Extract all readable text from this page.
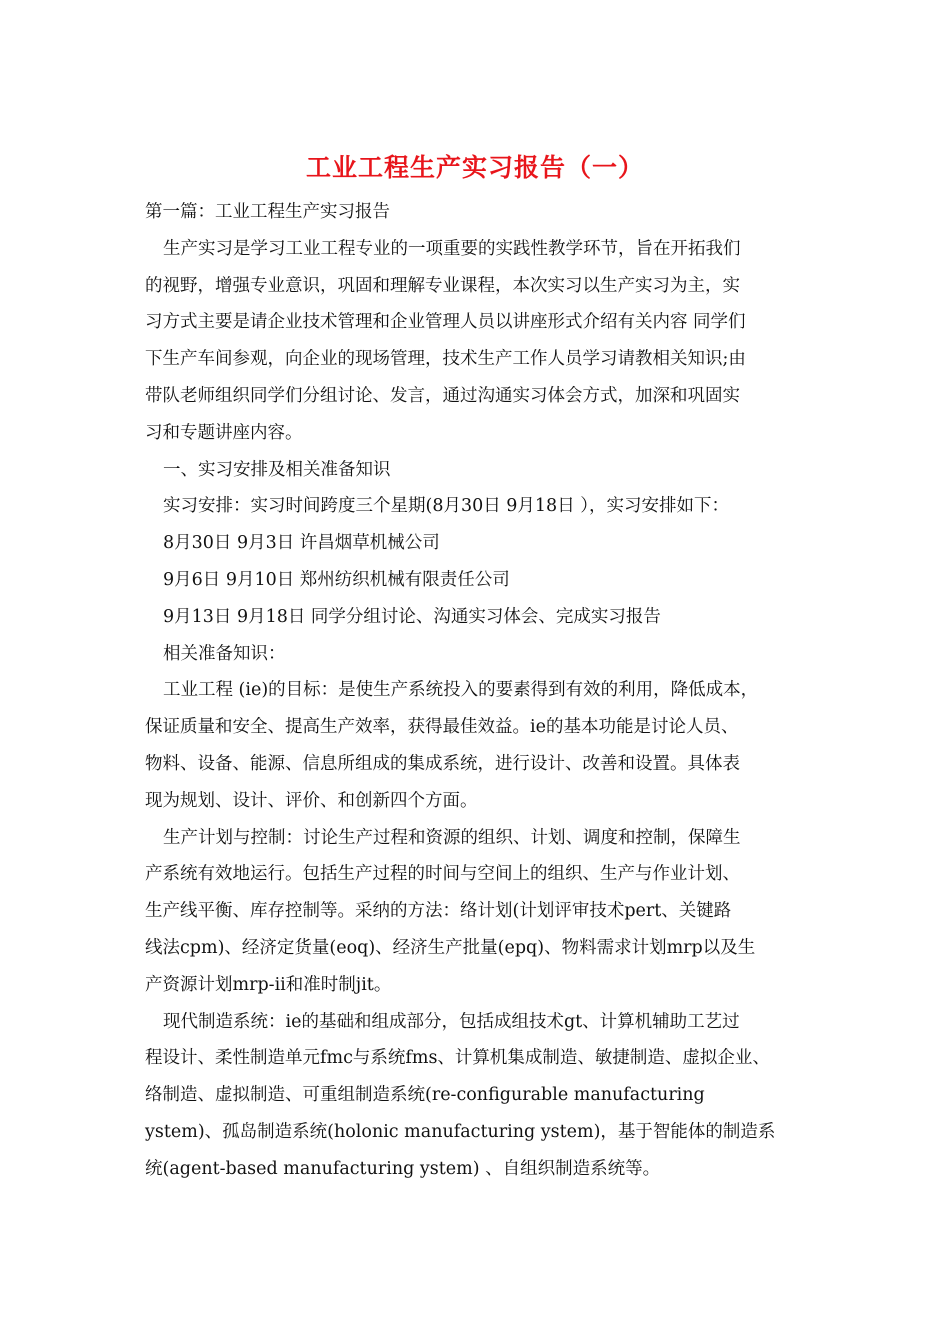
工业工程生产实习报告（一）
第一篇：工业工程生产实习报告
生产实习是学习工业工程专业的一项重要的实践性教学环节，旨在开拓我们
的视野，增强专业意识，巩固和理解专业课程，本次实习以生产实习为主，实
习方式主要是请企业技术管理和企业管理人员以讲座形式介绍有关内容 同学们
下生产车间参观，向企业的现场管理，技术生产工作人员学习请教相关知识;由
带队老师组织同学们分组讨论、发言，通过沟通实习体会方式，加深和巩固实
习和专题讲座内容。
一、实习安排及相关准备知识
实习安排：实习时间跨度三个星期(8月30日 9月18日 ），实习安排如下：
8月30日 9月3日 许昌烟草机械公司
9月6日 9月10日 郑州纺织机械有限责任公司
9月13日 9月18日 同学分组讨论、沟通实习体会、完成实习报告
相关准备知识：
工业工程 (ie)的目标：是使生产系统投入的要素得到有效的利用，降低成本，
保证质量和安全、提高生产效率，获得最佳效益。ie的基本功能是讨论人员、
物料、设备、能源、信息所组成的集成系统，进行设计、改善和设置。具体表
现为规划、设计、评价、和创新四个方面。
生产计划与控制：讨论生产过程和资源的组织、计划、调度和控制，保障生
产系统有效地运行。包括生产过程的时间与空间上的组织、生产与作业计划、
生产线平衡、库存控制等。采纳的方法：络计划(计划评审技术pert、关键路
线法cpm)、经济定货量(eoq)、经济生产批量(epq)、物料需求计划mrp以及生
产资源计划mrp-ii和准时制jit。
现代制造系统：ie的基础和组成部分，包括成组技术gt、计算机辅助工艺过
程设计、柔性制造单元fmc与系统fms、计算机集成制造、敏捷制造、虚拟企业、
络制造、虚拟制造、可重组制造系统(re-configurable manufacturing
ystem)、孤岛制造系统(holonic manufacturing ystem)，基于智能体的制造系
统(agent-based manufacturing ystem) 、自组织制造系统等。
